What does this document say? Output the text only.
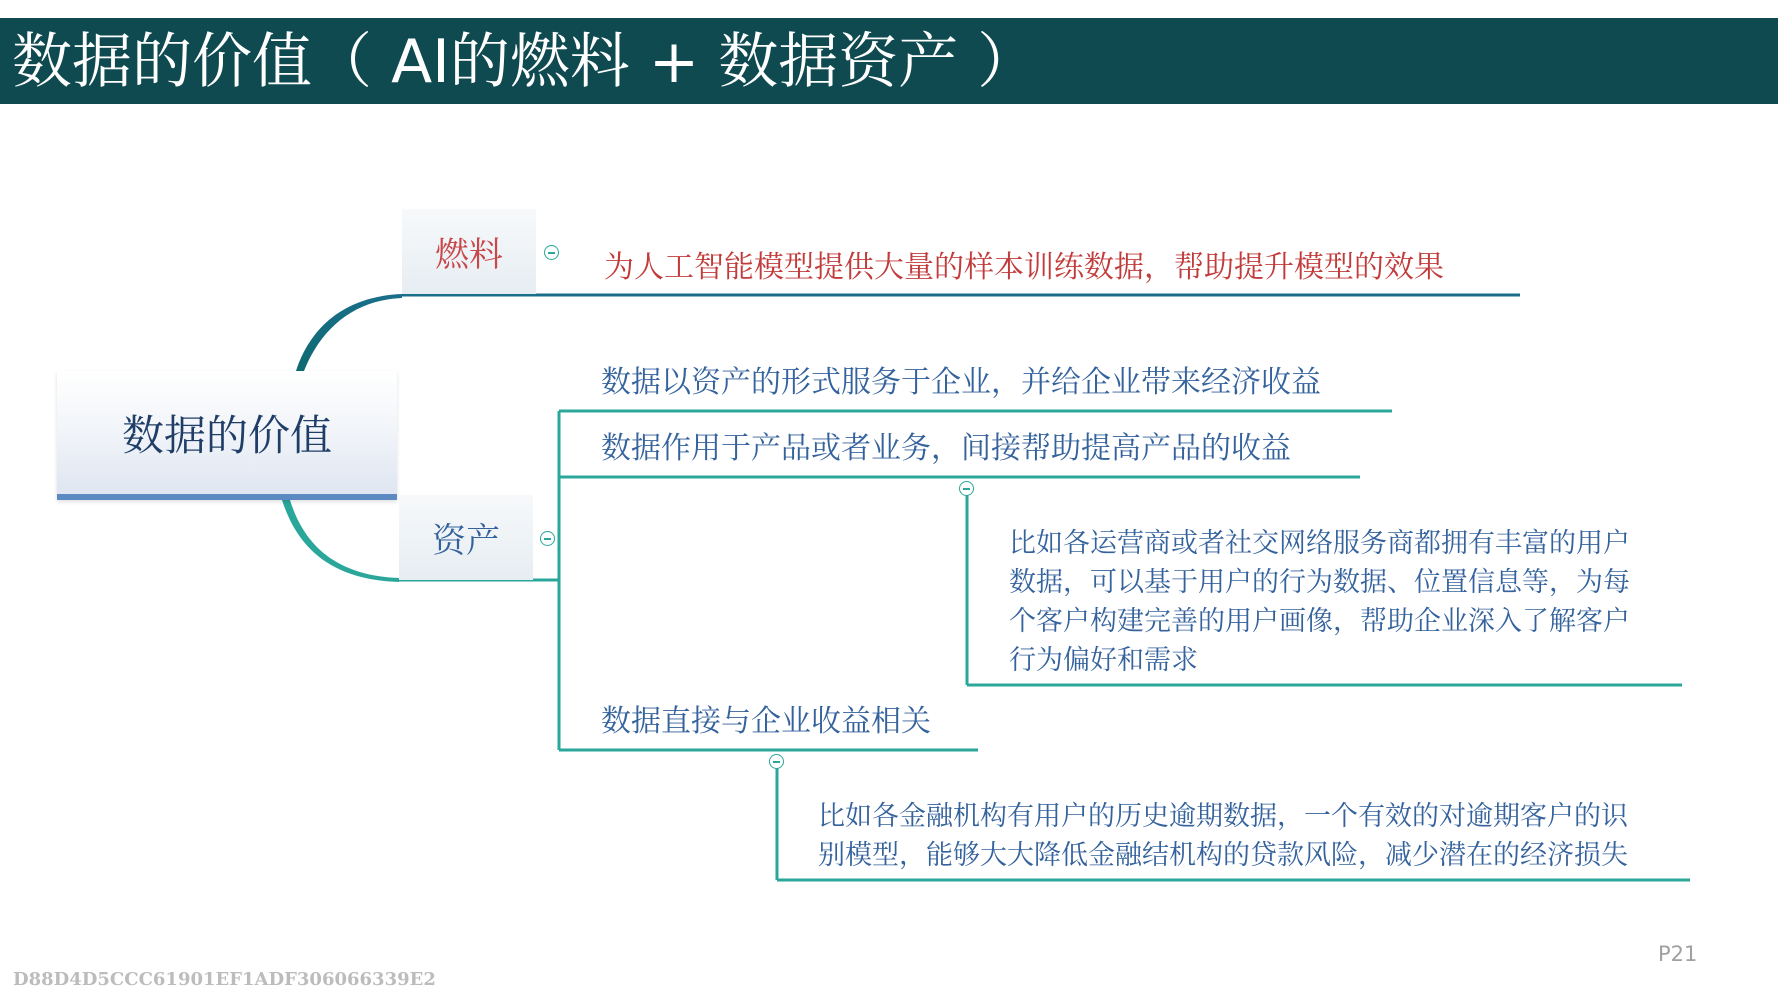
数据的价值（ AI的燃料 + 数据资产 ）
数据的价值
燃料
资产
为人工智能模型提供大量的样本训练数据，帮助提升模型的效果
数据以资产的形式服务于企业，并给企业带来经济收益
数据作用于产品或者业务，间接帮助提高产品的收益
比如各运营商或者社交网络服务商都拥有丰富的用户
数据，可以基于用户的行为数据、位置信息等，为每
个客户构建完善的用户画像，帮助企业深入了解客户
行为偏好和需求
数据直接与企业收益相关
比如各金融机构有用户的历史逾期数据，一个有效的对逾期客户的识
别模型，能够大大降低金融结机构的贷款风险，减少潜在的经济损失
P21
D88D4D5CCC61901EF1ADF306066339E2
